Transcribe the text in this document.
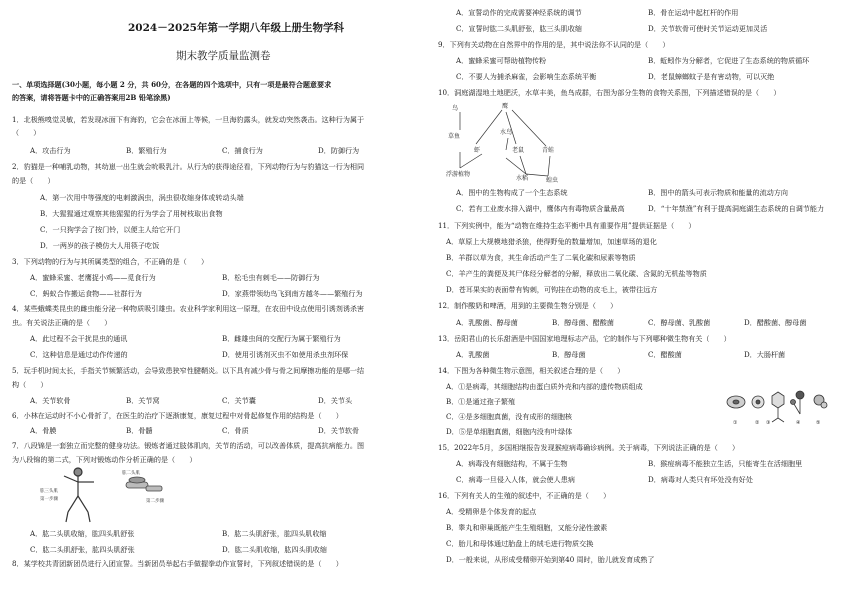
2024－2025年第一学期八年级上册生物学科
期末教学质量监测卷
一、单项选择题(30小题，每小题 2 分，共 60分，在各题的四个选项中，只有一项是最符合题意要求
的答案，请将答题卡中的正确答案用2B 铅笔涂黑)
1．北极熊嗅觉灵敏，若发现冰面下有海豹，它会在冰面上等候，一旦海豹露头，就发动突然袭击。这种行为属于
（　　）
A．攻击行为	B．繁殖行为	C．捕食行为	D．防御行为
2．豹猫是一种哺乳动物，其幼崽一出生就会吮吸乳汁。从行为的获得途径看，下列动物行为与豹猫这一行为相同
的是（　　）
A．第一次用中等强度的电刺激涡虫，涡虫很收缩身体或转动头端
B．大猩猩通过观察其他猩猩的行为学会了用树枝取出食物
C．一只狗学会了按门铃，以便主人给它开门
D．一两岁的孩子模仿大人用筷子吃饭
3．下列动物的行为与其所属类型的组合，不正确的是（　　）
A．蜜蜂采蜜、老鹰捉小鸡——觅食行为	B．松毛虫有刺毛——防御行为
C．蚂蚁合作搬运食物——社群行为	D．家燕带领幼鸟飞到南方越冬——繁殖行为
4．某些蛾蝶类昆虫的雌虫能分泌一种物质吸引雄虫。农业科学家利用这一原理，在农田中设点使用引诱剂诱杀害
虫。有关说法正确的是（　　）
A．此过程不会干扰昆虫的通讯	B．雌雄虫间的交配行为属于繁殖行为
C．这种信息是通过动作传递的	D．使用引诱剂灭虫不如使用杀虫剂环保
5．玩手机时间太长，手指关节频繁活动，会导致患狭窄性腱鞘炎。以下具有减少骨与骨之间摩擦功能的是哪一结
构（　　）
A．关节软骨	B．关节窝	C．关节囊	D．关节头
6．小林在运动时不小心骨折了，在医生的治疗下逐渐康复，康复过程中对骨起修复作用的结构是（　　）
A．骨膜	B．骨髓	C．骨质	D．关节软骨
7．八段锦是一套独立而完整的健身功法。锻炼者通过肢体肌肉，关节的活动，可以改善体质，提高抗病能力。图
为八段锦的第二式，下列对锻炼动作分析正确的是（　　）
A．肱二头肌收缩，肱四头肌舒张	B．肱二头肌舒张，肱四头肌收缩
C．肱二头肌舒张，肱四头肌舒张	D．肱二头肌收缩，肱四头肌收缩
8．某学校共青团新团员进行入团宣誓。当新团员举起右手做握拳动作宣誓时，下列叙述错误的是（　　）
肱三头肌
肱二头肌
第一步骤	第二步骤
A．宣誓动作的完成需要神经系统的调节	B．骨在运动中起杠杆的作用
C．宣誓时肱二头肌舒张，肱三头肌收缩	D．关节软骨可使时关节运动更加灵活
9．下列有关动物在自然界中的作用的是，其中说法你不认同的是（　　）
A．蜜蜂采蜜可帮助植物传粉	B．蚯蚓作为分解者，它促进了生态系统的物质循环
C．不要人为捕杀麻雀，会影响生态系统平衡	D．老鼠蟑螂蚊子是有害动物，可以灭绝
10．洞庭湖湿地土地肥沃，水草丰美，鱼鸟成群，右图为部分生物的食物关系图，下列描述错误的是（　　）
A．图中的生物构成了一个生态系统	B．图中的箭头可表示物质和能量的流动方向
C．若有工业废水排入湖中，鹰体内有毒物质含量最高	D．“十年禁渔”有利于提高洞庭湖生态系统的自调节能力
11．下列实例中，能为“动物在维持生态平衡中具有重要作用”提供证据是（　　）
A．草原上大规模地猎杀狼，使得野兔的数量增加，加速草场的退化
B．羊群以草为食，其生命活动产生了二氧化碳和尿素等物质
C．羊产生的粪便及其尸体经分解者的分解，释放出二氧化碳、含氮的无机盐等物质
D．苍耳果实的表面带有钩刺，可钩挂在动物的皮毛上，被带往远方
12．制作酸奶和啤酒，用到的主要微生物分别是（　　）
A．乳酸菌、醇母菌	B．醇母菌、醋酸菌	C．醇母菌、乳酸菌	D．醋酸菌、醇母菌
13．岳阳君山的长乐甜酒是中国国家地理标志产品，它的制作与下列哪种微生物有关（　　）
A．乳酸菌	B．醇母菌	C．醋酸菌	D．大肠杆菌
14．下图为各种微生物示意图，相关叙述合理的是（　　）
A．①是病毒，其细胞结构由蛋白质外壳和内部的遗传物质组成
B．①是通过孢子繁殖
C．④是多细胞真菌，没有成形的细胞核
D．⑤是单细胞真菌，细胞内没有叶绿体
15．2022年5月，多国相继报告发现猴痘病毒确诊病例。关于病毒，下列说法正确的是（　　）
A．病毒没有细胞结构，不属于生物	B．猴痘病毒不能独立生活，只能寄生在活细胞里
C．病毒一旦侵入人体，就会使人患病	D．病毒对人类只有坏处没有好处
16．下列有关人的生殖的叙述中，不正确的是（　　）
A．受精卵是个体发育的起点
B．睾丸和卵巢既能产生生殖细胞，又能分泌性激素
C．胎儿和母体通过胎盘上的绒毛进行物质交换
D．一般来说，从形成受精卵开始到第40 周时，胎儿就发育成熟了
鸟	鹰
草鱼
虾
水鸟
老鼠	青蛙
浮游植物
水稻	蝗虫
①	② ③	④	⑤
